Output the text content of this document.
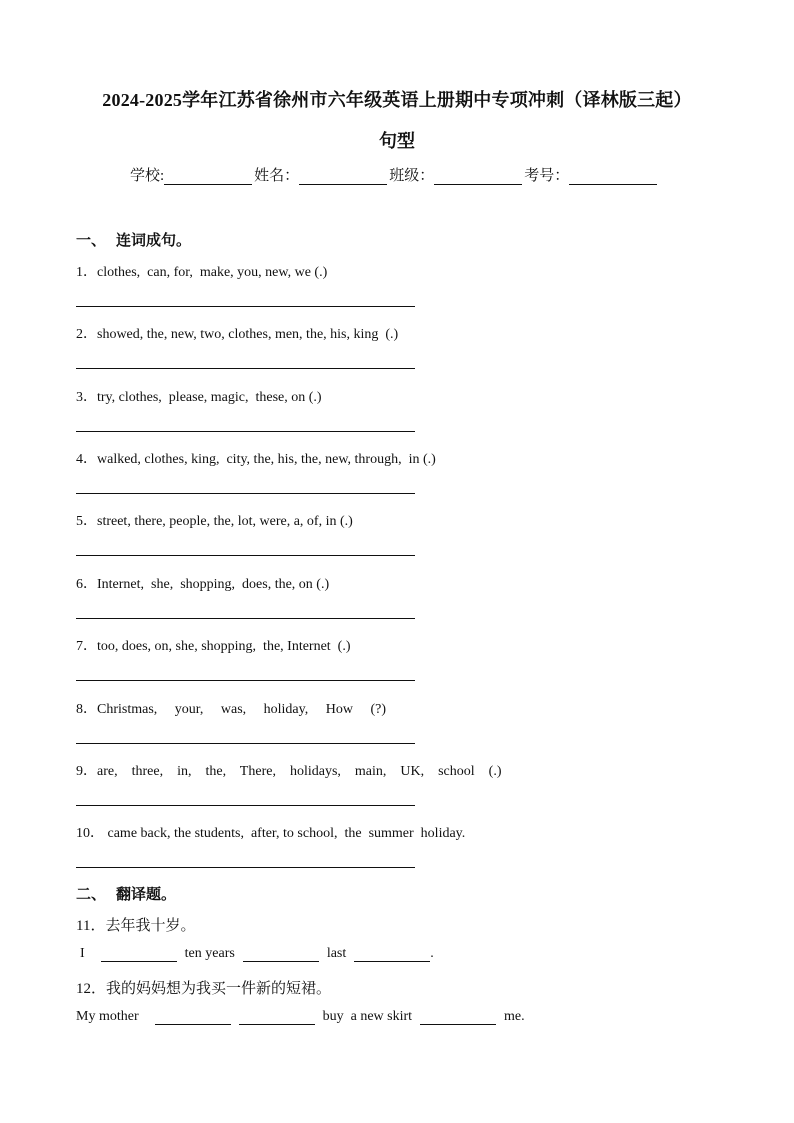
2024-2025学年江苏省徐州市六年级英语上册期中专项冲刺（译林版三起）
句型
学校:	姓名：	班级：	考号：
一、 连词成句。
1．clothes,  can, for,  make, you, new, we (.)
2．showed, the, new, two, clothes, men, the, his, king  (.)
3．try, clothes,  please, magic,  these, on (.)
4．walked, clothes, king,  city, the, his, the, new, through,  in (.)
5．street, there, people, the, lot, were, a, of, in (.)
6．Internet,  she,  shopping,  does, the, on (.)
7．too, does, on, she, shopping,  the, Internet  (.)
8．Christmas,     your,     was,     holiday,     How     (?)
9．are,    three,    in,    the,    There,    holidays,    main,    UK,    school    (.)
10． came back, the students,  after, to school,  the  summer  holiday.
二、 翻译题。
11．去年我十岁。
I	ten years	last	.
12．我的妈妈想为我买一件新的短裙。
My mother	buy  a new skirt	me.
